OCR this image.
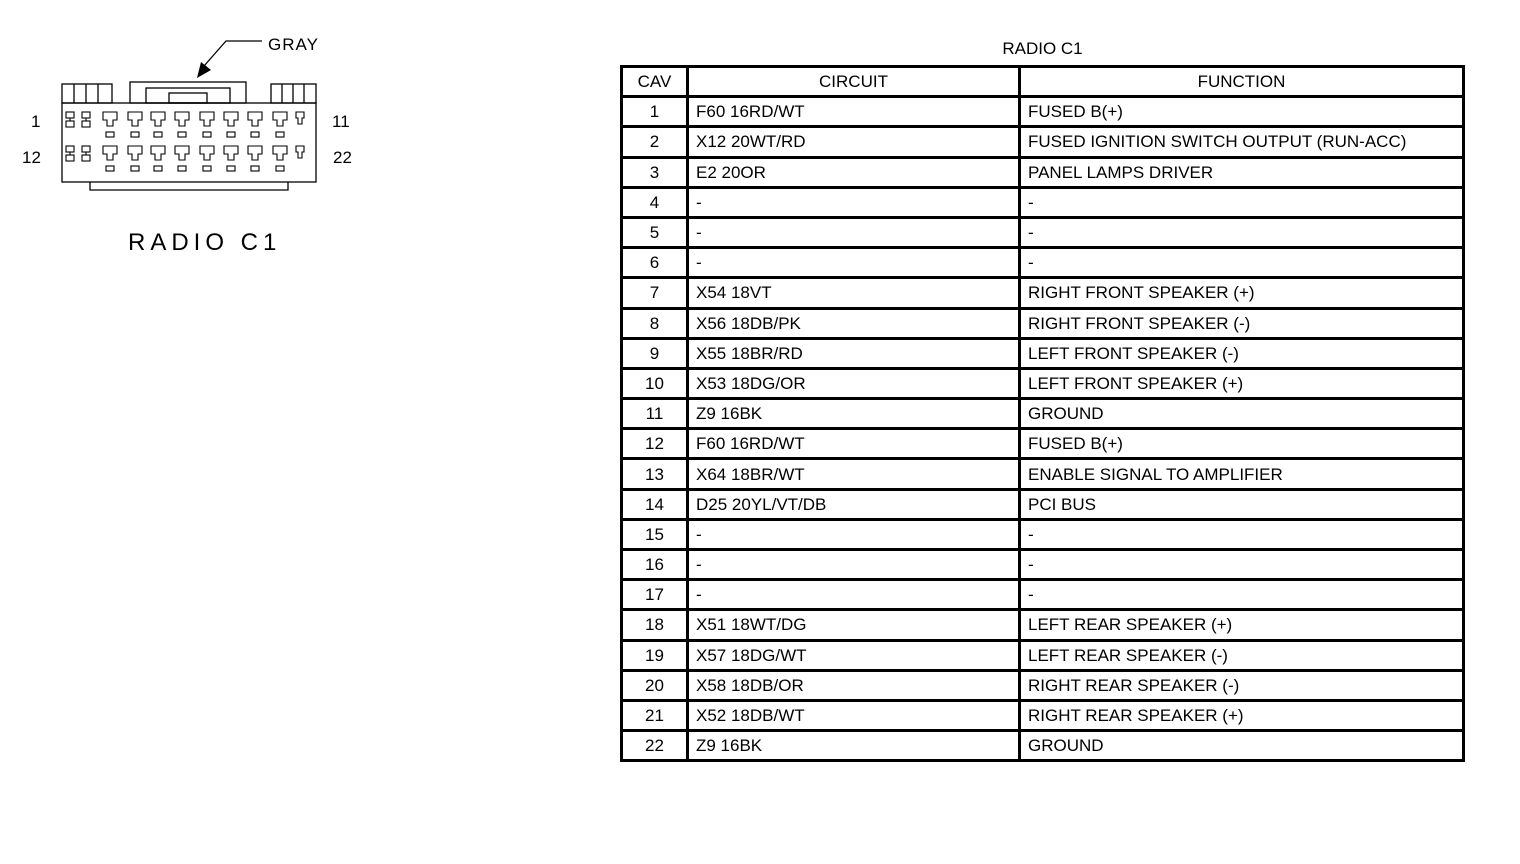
GRAY
1	11
12	22
RADIO C1
RADIO C1
CAV	CIRCUIT	FUNCTION
1	F60 16RD/WT	FUSED B(+)
2	X12 20WT/RD	FUSED IGNITION SWITCH OUTPUT (RUN-ACC)
3	E2 20OR	PANEL LAMPS DRIVER
4	-	-
5	-	-
6	-	-
7	X54 18VT	RIGHT FRONT SPEAKER (+)
8	X56 18DB/PK	RIGHT FRONT SPEAKER (-)
9	X55 18BR/RD	LEFT FRONT SPEAKER (-)
10	X53 18DG/OR	LEFT FRONT SPEAKER (+)
11	Z9 16BK	GROUND
12	F60 16RD/WT	FUSED B(+)
13	X64 18BR/WT	ENABLE SIGNAL TO AMPLIFIER
14	D25 20YL/VT/DB	PCI BUS
15	-	-
16	-	-
17	-	-
18	X51 18WT/DG	LEFT REAR SPEAKER (+)
19	X57 18DG/WT	LEFT REAR SPEAKER (-)
20	X58 18DB/OR	RIGHT REAR SPEAKER (-)
21	X52 18DB/WT	RIGHT REAR SPEAKER (+)
22	Z9 16BK	GROUND
